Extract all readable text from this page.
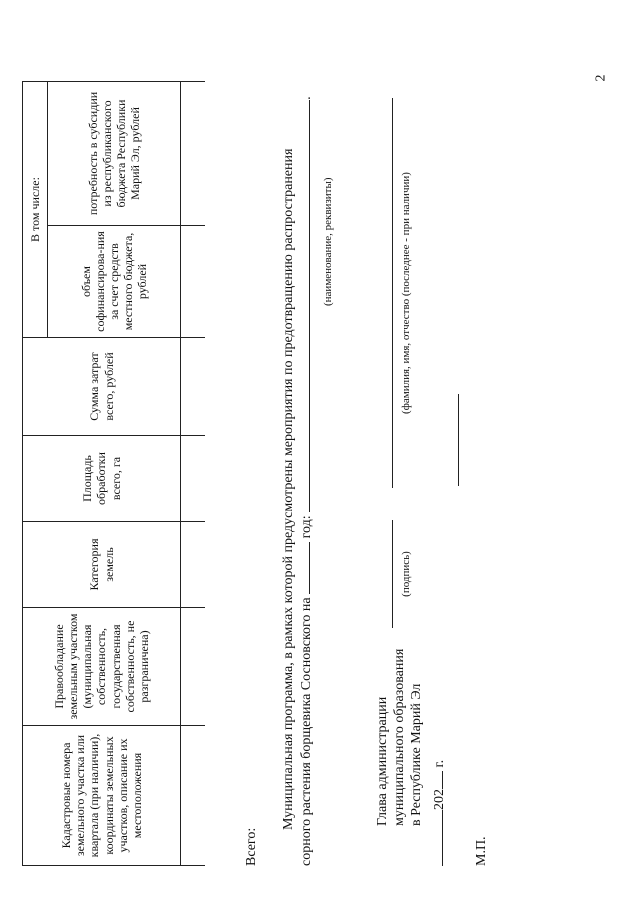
2
Кадастровые номера земельного участка или квартала (при наличии), координаты земельных участков, описание их местоположения	Правообладание земельным участком (муниципальная собственность, государственная собственность, не разграничена)	Категория земель	Площадь обработки всего, га	Сумма затрат всего, рублей	В том числе:	
					объем софинансирова-ния за счет средств местного бюджета, рублей	потребность в субсидии из республиканского бюджета Республики Марий Эл, рублей

Всего:
Муниципальная программа, в рамках которой предусмотрены мероприятия по предотвращению распространения сорного растения борщевика Сосновского на  год: .
(наименование, реквизиты)
Глава администрации муниципального образования в Республике Марий Эл
(подпись)
(фамилия, имя, отчество (последнее - при наличии)
202 г.
М.П.
